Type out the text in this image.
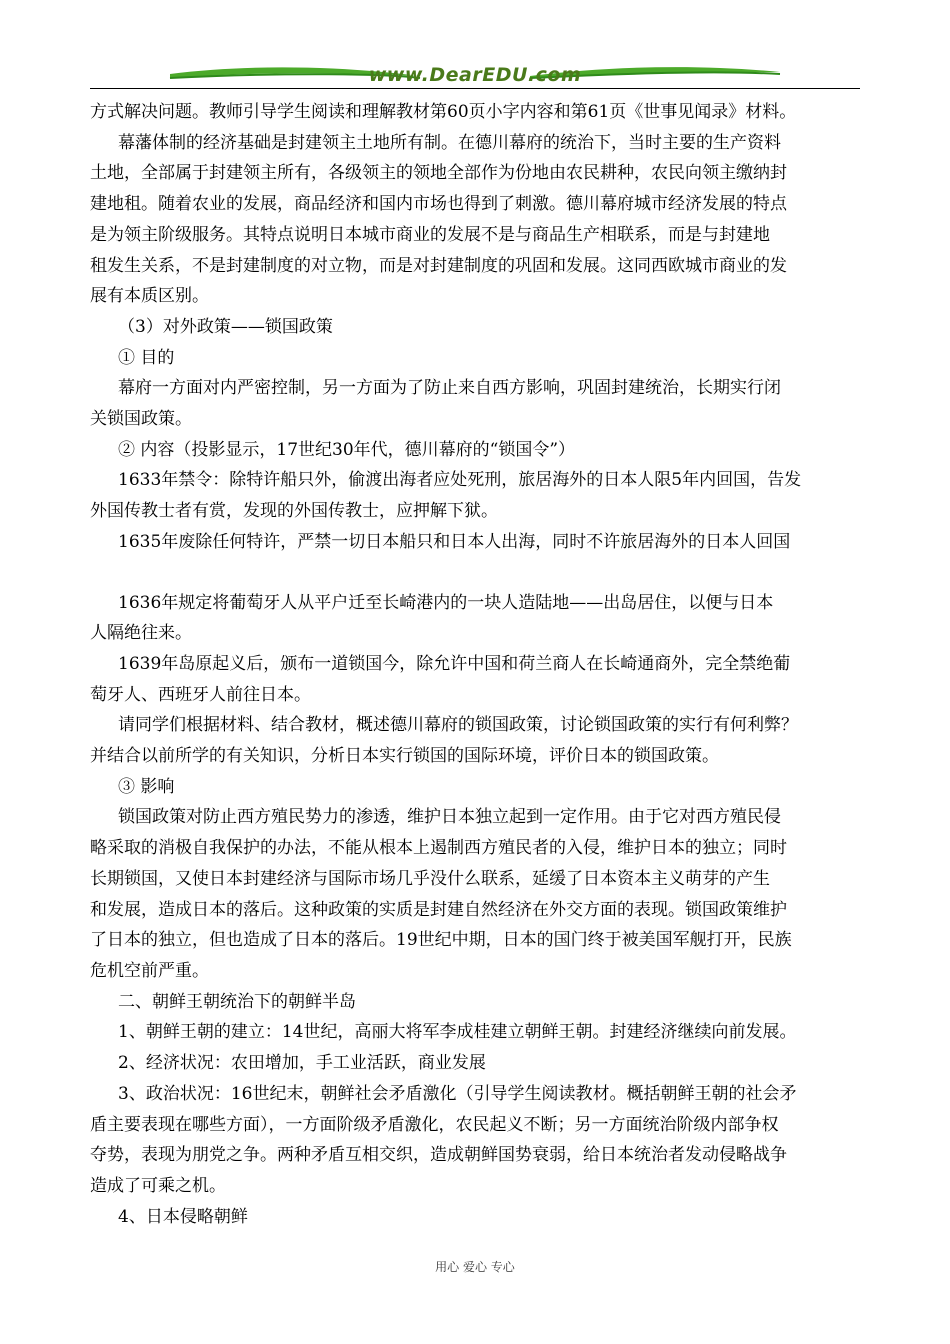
www.DearEDU.com

方式解决问题。教师引导学生阅读和理解教材第60页小字内容和第61页《世事见闻录》材料。

幕藩体制的经济基础是封建领主土地所有制。在德川幕府的统治下，当时主要的生产资料

土地，全部属于封建领主所有，各级领主的领地全部作为份地由农民耕种，农民向领主缴纳封

建地租。随着农业的发展，商品经济和国内市场也得到了刺激。德川幕府城市经济发展的特点

是为领主阶级服务。其特点说明日本城市商业的发展不是与商品生产相联系，而是与封建地

租发生关系，不是封建制度的对立物，而是对封建制度的巩固和发展。这同西欧城市商业的发

展有本质区别。

（3）对外政策——锁国政策

① 目的

幕府一方面对内严密控制，另一方面为了防止来自西方影响，巩固封建统治，长期实行闭

关锁国政策。

② 内容（投影显示，17世纪30年代，德川幕府的“锁国令”）

1633年禁令：除特许船只外，偷渡出海者应处死刑，旅居海外的日本人限5年内回国，告发

外国传教士者有赏，发现的外国传教士，应押解下狱。

1635年废除任何特许，严禁一切日本船只和日本人出海，同时不许旅居海外的日本人回国

1636年规定将葡萄牙人从平户迁至长崎港内的一块人造陆地——出岛居住，以便与日本

人隔绝往来。

1639年岛原起义后，颁布一道锁国今，除允许中国和荷兰商人在长崎通商外，完全禁绝葡

萄牙人、西班牙人前往日本。

请同学们根据材料、结合教材，概述德川幕府的锁国政策，讨论锁国政策的实行有何利弊？

并结合以前所学的有关知识，分析日本实行锁国的国际环境，评价日本的锁国政策。

③ 影响

锁国政策对防止西方殖民势力的渗透，维护日本独立起到一定作用。由于它对西方殖民侵

略采取的消极自我保护的办法，不能从根本上遏制西方殖民者的入侵，维护日本的独立；同时

长期锁国，又使日本封建经济与国际市场几乎没什么联系，延缓了日本资本主义萌芽的产生

和发展，造成日本的落后。这种政策的实质是封建自然经济在外交方面的表现。锁国政策维护

了日本的独立，但也造成了日本的落后。19世纪中期，日本的国门终于被美国军舰打开，民族

危机空前严重。

二、朝鲜王朝统治下的朝鲜半岛

1、朝鲜王朝的建立：14世纪，高丽大将军李成桂建立朝鲜王朝。封建经济继续向前发展。

2、经济状况：农田增加，手工业活跃，商业发展

3、政治状况：16世纪末，朝鲜社会矛盾激化（引导学生阅读教材。概括朝鲜王朝的社会矛

盾主要表现在哪些方面），一方面阶级矛盾激化，农民起义不断；另一方面统治阶级内部争权

夺势，表现为朋党之争。两种矛盾互相交织，造成朝鲜国势衰弱，给日本统治者发动侵略战争

造成了可乘之机。

4、日本侵略朝鲜

用心 爱心 专心
